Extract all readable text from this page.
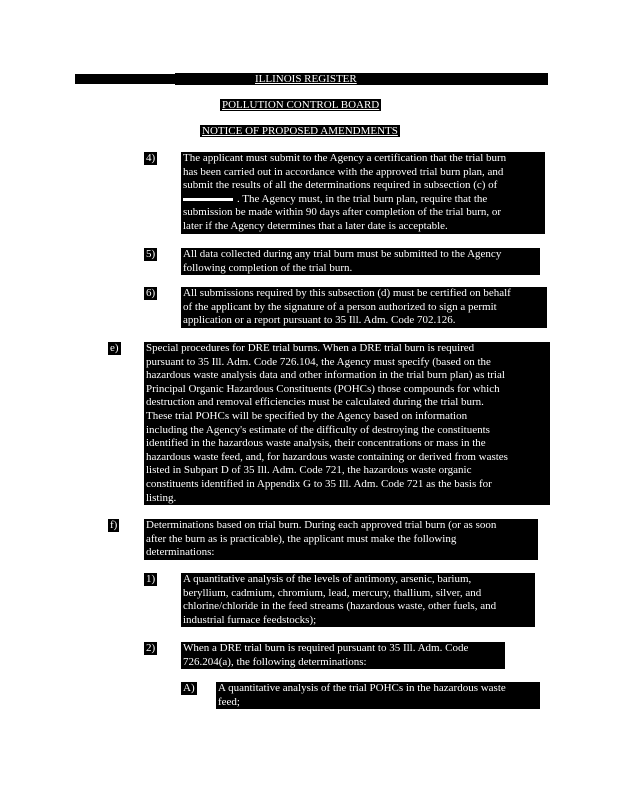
ILLINOIS REGISTER
POLLUTION CONTROL BOARD
NOTICE OF PROPOSED AMENDMENTS
4)	The applicant must submit to the Agency a certification that the trial burn
has been carried out in accordance with the approved trial burn plan, and
submit the results of all the determinations required in subsection (c) of
. The Agency must, in the trial burn plan, require that the
submission be made within 90 days after completion of the trial burn, or
later if the Agency determines that a later date is acceptable.
5)	All data collected during any trial burn must be submitted to the Agency
following completion of the trial burn.
6)	All submissions required by this subsection (d) must be certified on behalf
of the applicant by the signature of a person authorized to sign a permit
application or a report pursuant to 35 Ill. Adm. Code 702.126.
e) Special procedures for DRE trial burns. When a DRE trial burn is required
pursuant to 35 Ill. Adm. Code 726.104, the Agency must specify (based on the
hazardous waste analysis data and other information in the trial burn plan) as trial
Principal Organic Hazardous Constituents (POHCs) those compounds for which
destruction and removal efficiencies must be calculated during the trial burn.
These trial POHCs will be specified by the Agency based on information
including the Agency's estimate of the difficulty of destroying the constituents
identified in the hazardous waste analysis, their concentrations or mass in the
hazardous waste feed, and, for hazardous waste containing or derived from wastes
listed in Subpart D of 35 Ill. Adm. Code 721, the hazardous waste organic
constituents identified in Appendix G to 35 Ill. Adm. Code 721 as the basis for
listing.
f)	Determinations based on trial burn. During each approved trial burn (or as soon
after the burn as is practicable), the applicant must make the following
determinations:
1)	A quantitative analysis of the levels of antimony, arsenic, barium,
beryllium, cadmium, chromium, lead, mercury, thallium, silver, and
chlorine/chloride in the feed streams (hazardous waste, other fuels, and
industrial furnace feedstocks);
2)	When a DRE trial burn is required pursuant to 35 Ill. Adm. Code
726.204(a), the following determinations:
A) A quantitative analysis of the trial POHCs in the hazardous waste
feed;
